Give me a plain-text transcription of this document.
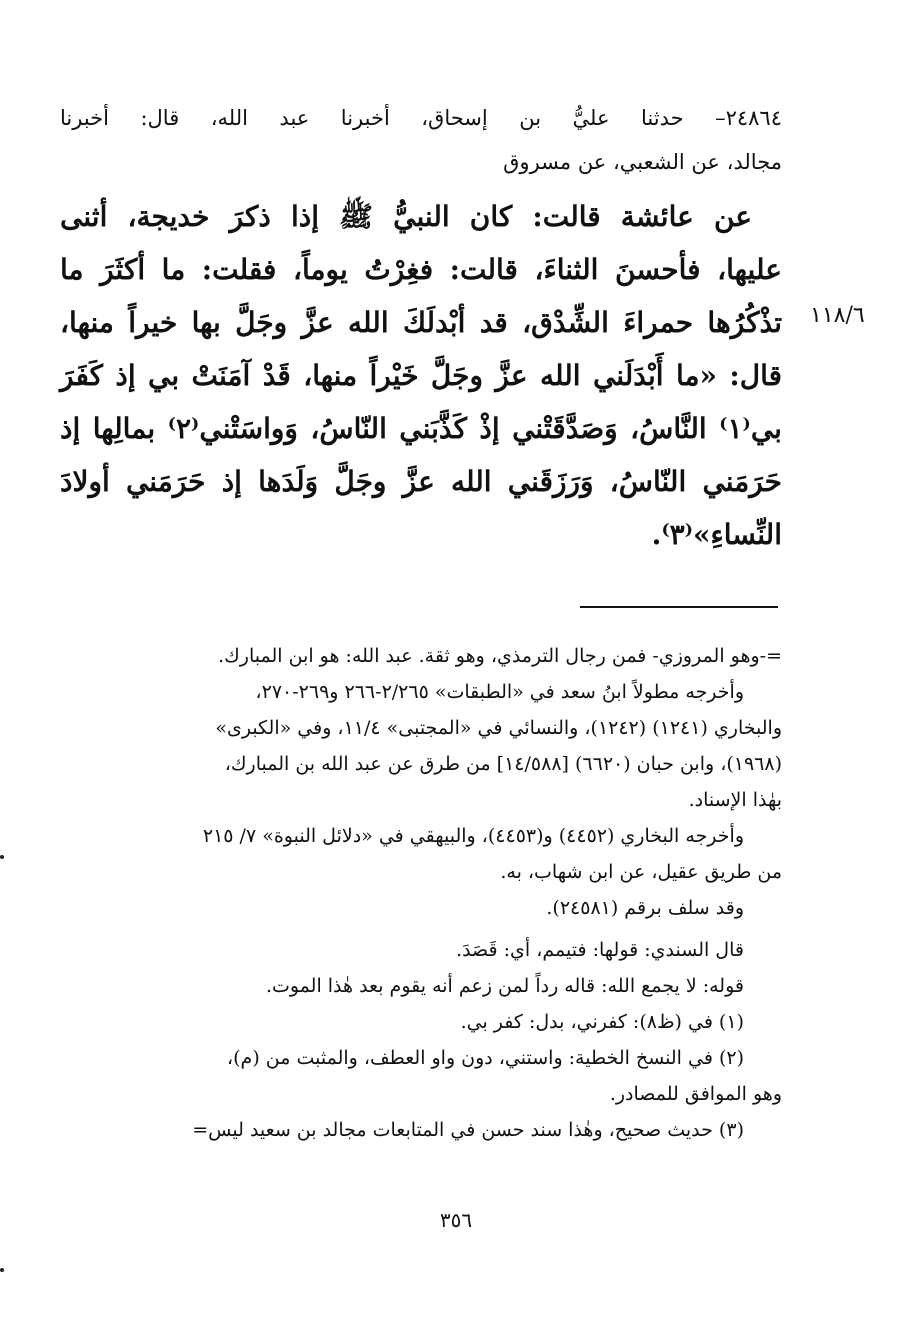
٢٤٨٦٤– حدثنا عليُّ بن إسحاق، أخبرنا عبد الله، قال: أخبرنا
مجالد، عن الشعبي، عن مسروق
١١٨/٦
عن عائشة قالت: كان النبيُّ ﷺ إذا ذكرَ خديجة، أثنى
عليها، فأحسنَ الثناءَ، قالت: فغِرْتُ يوماً، فقلت: ما أكثَرَ ما
تذْكُرُها حمراءَ الشِّدْق، قد أبْدلَكَ الله عزَّ وجَلَّ بها خيراً منها،
قال: «ما أَبْدَلَني الله عزَّ وجَلَّ خَيْراً منها، قَدْ آمَنَتْ بي إذ كَفَرَ
بي⁽١⁾ النَّاسُ، وَصَدَّقَتْني إذْ كَذَّبَني النّاسُ، وَواسَتْني⁽٢⁾ بمالِها إذ
حَرَمَني النّاسُ، وَرَزَقَني الله عزَّ وجَلَّ وَلَدَها إذ حَرَمَني أولادَ
النِّساءِ»⁽٣⁾.
=-وهو المروزي- فمن رجال الترمذي، وهو ثقة. عبد الله: هو ابن المبارك.
وأخرجه مطولاً ابنُ سعد في «الطبقات» ٢/٢٦٥-٢٦٦ و٢٦٩-٢٧٠،
والبخاري (١٢٤١) (١٢٤٢)، والنسائي في «المجتبى» ١١/٤، وفي «الكبرى»
(١٩٦٨)، وابن حبان (٦٦٢٠) [١٤/٥٨٨] من طرق عن عبد الله بن المبارك،
بهٰذا الإسناد.
وأخرجه البخاري (٤٤٥٢) و(٤٤٥٣)، والبيهقي في «دلائل النبوة» ٧/ ٢١٥
من طريق عقيل، عن ابن شهاب، به.
وقد سلف برقم (٢٤٥٨١).
قال السندي: قولها: فتيمم، أي: قَصَدَ.
قوله: لا يجمع الله: قاله رداً لمن زعم أنه يقوم بعد هٰذا الموت.
(١) في (ظ٨): كفرني، بدل: كفر بي.
(٢) في النسخ الخطية: واستني، دون واو العطف، والمثبت من (م)،
وهو الموافق للمصادر.
(٣) حديث صحيح، وهٰذا سند حسن في المتابعات مجالد بن سعيد ليس=
٣٥٦
